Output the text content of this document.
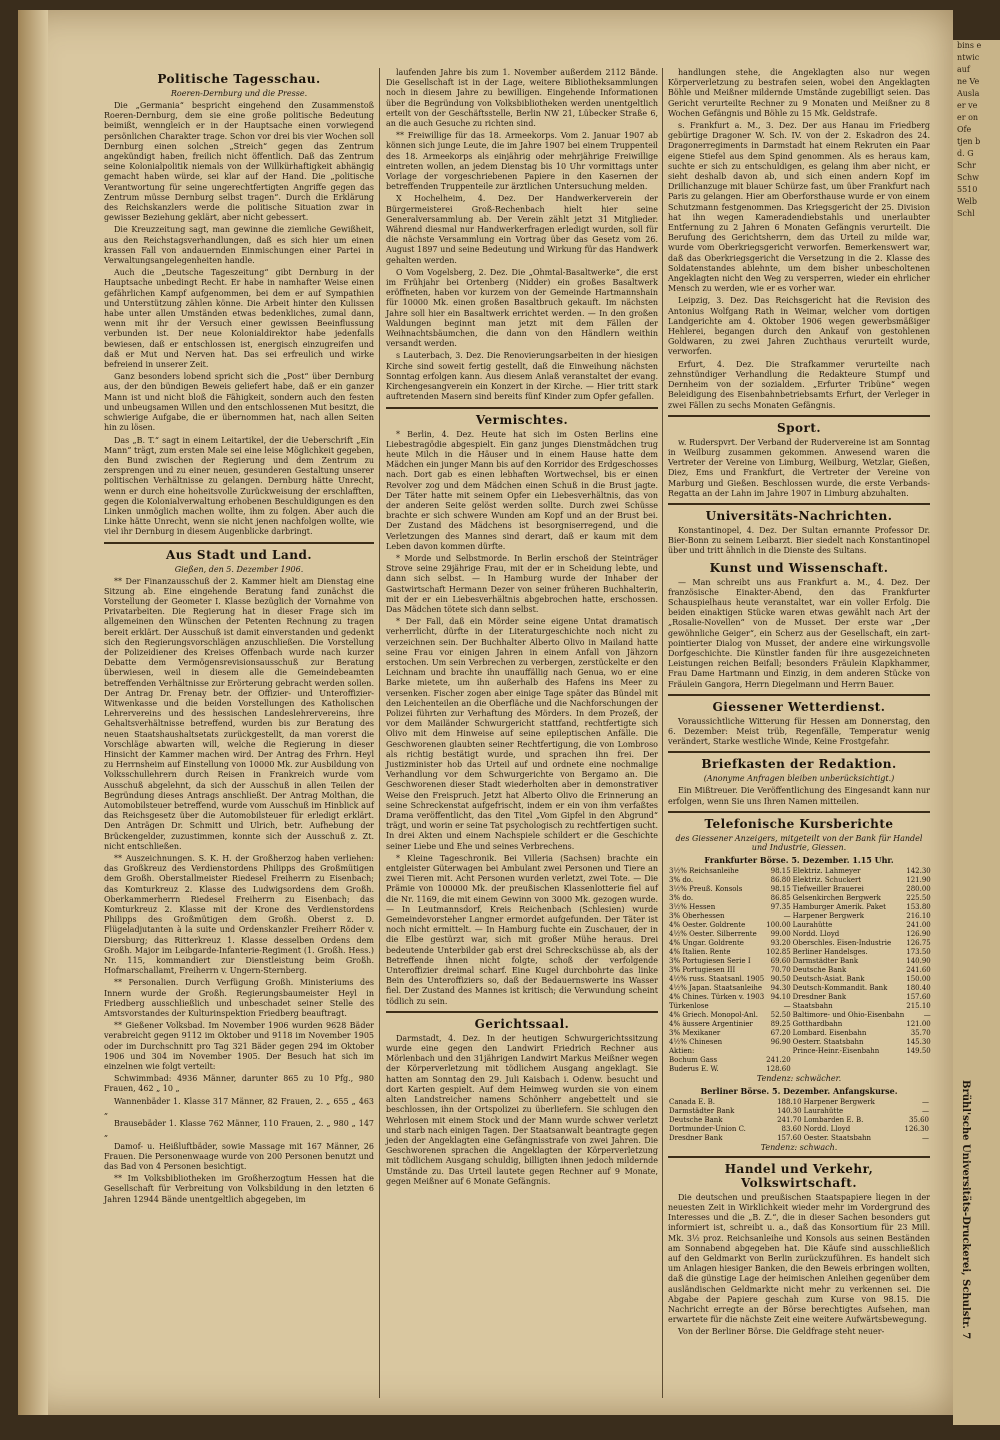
Politische Tagesschau.
Roeren-Dernburg und die Presse.

Die „Germania“ bespricht eingehend den Zusammenstoß Roeren-Dernburg, dem sie eine große politische Bedeutung beimißt, wenngleich er in der Hauptsache einen vorwiegend persönlichen Charakter trage. Schon vor drei bis vier Wochen soll Dernburg einen solchen „Streich“ gegen das Zentrum angekündigt haben, freilich nicht öffentlich. Daß das Zentrum seine Kolonialpolitik niemals von der Willkürhaftigkeit abhängig gemacht haben würde, sei klar auf der Hand. Die „politische Verantwortung für seine ungerechtfertigten Angriffe gegen das Zentrum müsse Dernburg selbst tragen“. Durch die Erklärung des Reichskanzlers werde die politische Situation zwar in gewisser Beziehung geklärt, aber nicht gebessert.

Die Kreuzzeitung sagt, man gewinne die ziemliche Gewißheit, aus den Reichstagsverhandlungen, daß es sich hier um einen krassen Fall von andauernden Einmischungen einer Partei in Verwaltungsangelegenheiten handle.

Auch die „Deutsche Tageszeitung“ gibt Dernburg in der Hauptsache unbedingt Recht. Er habe in namhafter Weise einen gefährlichen Kampf aufgenommen, bei dem er auf Sympathien und Unterstützung zählen könne. Die Arbeit hinter den Kulissen habe unter allen Umständen etwas bedenkliches, zumal dann, wenn mit ihr der Versuch einer gewissen Beeinflussung verbunden ist. Der neue Kolonialdirektor habe jedenfalls bewiesen, daß er entschlossen ist, energisch einzugreifen und daß er Mut und Nerven hat. Das sei erfreulich und wirke befreiend in unserer Zeit.

Ganz besonders lobend spricht sich die „Post“ über Dernburg aus, der den bündigen Beweis geliefert habe, daß er ein ganzer Mann ist und nicht bloß die Fähigkeit, sondern auch den festen und unbeugsamen Willen und den entschlossenen Mut besitzt, die schwierige Aufgabe, die er übernommen hat, nach allen Seiten hin zu lösen.

Das „B. T.“ sagt in einem Leitartikel, der die Ueberschrift „Ein Mann“ trägt, zum ersten Male sei eine leise Möglichkeit gegeben, den Bund zwischen der Regierung und dem Zentrum zu zersprengen und zu einer neuen, gesunderen Gestaltung unserer politischen Verhältnisse zu gelangen. Dernburg hätte Unrecht, wenn er durch eine hoheitsvolle Zurückweisung der erschlafften, gegen die Kolonialverwaltung erhobenen Beschuldigungen es den Linken unmöglich machen wollte, ihm zu folgen. Aber auch die Linke hätte Unrecht, wenn sie nicht jenen nachfolgen wollte, wie viel ihr Dernburg in diesem Augenblicke darbringt.

Aus Stadt und Land.
Gießen, den 5. Dezember 1906.

** Der Finanzausschuß der 2. Kammer hielt am Dienstag eine Sitzung ab. Eine eingehende Beratung fand zunächst die Vorstellung der Geometer I. Klasse bezüglich der Vornahme von Privatarbeiten. Die Regierung hat in dieser Frage sich im allgemeinen den Wünschen der Petenten Rechnung zu tragen bereit erklärt. Der Ausschuß ist damit einverstanden und gedenkt sich den Regierungsvorschlägen anzuschließen. Die Vorstellung der Polizeidiener des Kreises Offenbach wurde nach kurzer Debatte dem Vermögensrevisionsausschuß zur Beratung überwiesen, weil in diesem alle die Gemeindebeamten betreffenden Verhältnisse zur Erörterung gebracht werden sollen. Der Antrag Dr. Frenay betr. der Offizier- und Unteroffizier-Witwenkasse und die beiden Vorstellungen des Katholischen Lehrervereins und des hessischen Landeslehrervereins, ihre Gehaltsverhältnisse betreffend, wurden bis zur Beratung des neuen Staatshaushaltsetats zurückgestellt, da man vorerst die Vorschläge abwarten will, welche die Regierung in dieser Hinsicht der Kammer machen wird. Der Antrag des Frhrn. Heyl zu Herrnsheim auf Einstellung von 10000 Mk. zur Ausbildung von Volksschullehrern durch Reisen in Frankreich wurde vom Ausschuß abgelehnt, da sich der Ausschuß in allen Teilen der Begründung dieses Antrags anschließt. Der Antrag Molthan, die Automobilsteuer betreffend, wurde vom Ausschuß im Hinblick auf das Reichsgesetz über die Automobilsteuer für erledigt erklärt. Den Anträgen Dr. Schmitt und Ulrich, betr. Aufhebung der Brückengelder, zuzustimmen, konnte sich der Ausschuß z. Zt. nicht entschließen.

** Auszeichnungen. S. K. H. der Großherzog haben verliehen: das Großkreuz des Verdienstordens Philipps des Großmütigen dem Großh. Oberstallmeister Riedesel Freiherrn zu Eisenbach; das Komturkreuz 2. Klasse des Ludwigsordens dem Großh. Oberkammerherrn Riedesel Freiherrn zu Eisenbach; das Komturkreuz 2. Klasse mit der Krone des Verdienstordens Philipps des Großmütigen dem Großh. Oberst z. D. Flügeladjutanten à la suite und Ordenskanzler Freiherr Röder v. Diersburg; das Ritterkreuz 1. Klasse desselben Ordens dem Großh. Major im Leibgarde-Infanterie-Regiment (1. Großh. Hess.) Nr. 115, kommandiert zur Dienstleistung beim Großh. Hofmarschallamt, Freiherrn v. Ungern-Sternberg.

** Personalien. Durch Verfügung Großh. Ministeriums des Innern wurde der Großh. Regierungsbaumeister Heyl in Friedberg ausschließlich und unbeschadet seiner Stelle des Amtsvorstandes der Kulturinspektion Friedberg beauftragt.

** Gießener Volksbad. Im November 1906 wurden 9628 Bäder verabreicht gegen 9112 im Oktober und 9118 im November 1905 oder im Durchschnitt pro Tag 321 Bäder gegen 294 im Oktober 1906 und 304 im November 1905. Der Besuch hat sich im einzelnen wie folgt verteilt:

Schwimmbad: 4936 Männer, darunter 865 zu 10 Pfg., 980 Frauen, 462 „ 10 „

Wannenbäder 1. Klasse 317 Männer, 82 Frauen, 2. „ 655 „ 463 „

Brausebäder 1. Klasse 762 Männer, 110 Frauen, 2. „ 980 „ 147 „

Damof- u. Heißluftbäder, sowie Massage mit 167 Männer, 26 Frauen. Die Personenwaage wurde von 200 Personen benutzt und das Bad von 4 Personen besichtigt.

** Im Volksbibliotheken im Großherzogtum Hessen hat die Gesellschaft für Verbreitung von Volksbildung in den letzten 6 Jahren 12944 Bände unentgeltlich abgegeben, im

laufenden Jahre bis zum 1. November außerdem 2112 Bände. Die Gesellschaft ist in der Lage, weitere Bibliotheksammlungen noch in diesem Jahre zu bewilligen. Eingehende Informationen über die Begründung von Volksbibliotheken werden unentgeltlich erteilt von der Geschäftsstelle, Berlin NW 21, Lübecker Straße 6, an die auch Gesuche zu richten sind.

** Freiwillige für das 18. Armeekorps. Vom 2. Januar 1907 ab können sich junge Leute, die im Jahre 1907 bei einem Truppenteil des 18. Armeekorps als einjährig oder mehrjährige Freiwillige eintreten wollen, an jedem Dienstag bis 10 Uhr vormittags unter Vorlage der vorgeschriebenen Papiere in den Kasernen der betreffenden Truppenteile zur ärztlichen Untersuchung melden.

X Hochelheim, 4. Dez. Der Handwerkerverein der Bürgermeisterei Groß-Rechenbach hielt hier seine Generalversammlung ab. Der Verein zählt jetzt 31 Mitglieder. Während diesmal nur Handwerkerfragen erledigt wurden, soll für die nächste Versammlung ein Vortrag über das Gesetz vom 26. August 1897 und seine Bedeutung und Wirkung für das Handwerk gehalten werden.

O Vom Vogelsberg, 2. Dez. Die „Ohmtal-Basaltwerke“, die erst im Frühjahr bei Ortenberg (Nidder) ein großes Basaltwerk eröffneten, haben vor kurzem von der Gemeinde Hartmannshain für 10000 Mk. einen großen Basaltbruch gekauft. Im nächsten Jahre soll hier ein Basaltwerk errichtet werden. — In den großen Waldungen beginnt man jetzt mit dem Fällen der Weihnachtsbäumchen, die dann von den Händlern weithin versandt werden.

s Lauterbach, 3. Dez. Die Renovierungsarbeiten in der hiesigen Kirche sind soweit fertig gestellt, daß die Einweihung nächsten Sonntag erfolgen kann. Aus diesem Anlaß veranstaltet der evang. Kirchengesangverein ein Konzert in der Kirche. — Hier tritt stark auftretenden Masern sind bereits fünf Kinder zum Opfer gefallen.

Vermischtes.

* Berlin, 4. Dez. Heute hat sich im Osten Berlins eine Liebestragödie abgespielt. Ein ganz junges Dienstmädchen trug heute Milch in die Häuser und in einem Hause hatte dem Mädchen ein junger Mann bis auf den Korridor des Erdgeschosses nach. Dort gab es einen lebhaften Wortwechsel, bis er einen Revolver zog und dem Mädchen einen Schuß in die Brust jagte. Der Täter hatte mit seinem Opfer ein Liebesverhältnis, das von der anderen Seite gelöst werden sollte. Durch zwei Schüsse brachte er sich schwere Wunden am Kopf und an der Brust bei. Der Zustand des Mädchens ist besorgniserregend, und die Verletzungen des Mannes sind derart, daß er kaum mit dem Leben davon kommen dürfte.

* Morde und Selbstmorde. In Berlin erschoß der Steinträger Strove seine 29jährige Frau, mit der er in Scheidung lebte, und dann sich selbst. — In Hamburg wurde der Inhaber der Gastwirtschaft Hermann Dezer von seiner früheren Buchhalterin, mit der er ein Liebesverhältnis abgebrochen hatte, erschossen. Das Mädchen tötete sich dann selbst.

* Der Fall, daß ein Mörder seine eigene Untat dramatisch verherrlicht, dürfte in der Literaturgeschichte noch nicht zu verzeichnen sein. Der Buchhalter Alberto Olivo in Mailand hatte seine Frau vor einigen Jahren in einem Anfall von Jähzorn erstochen. Um sein Verbrechen zu verbergen, zerstückelte er den Leichnam und brachte ihn unauffällig nach Genua, wo er eine Barke mietete, um ihn außerhalb des Hafens ins Meer zu versenken. Fischer zogen aber einige Tage später das Bündel mit den Leichenteilen an die Oberfläche und die Nachforschungen der Polizei führten zur Verhaftung des Mörders. In dem Prozeß, der vor dem Mailänder Schwurgericht stattfand, rechtfertigte sich Olivo mit dem Hinweise auf seine epileptischen Anfälle. Die Geschworenen glaubten seiner Rechtfertigung, die von Lombroso als richtig bestätigt wurde, und sprachen ihn frei. Der Justizminister hob das Urteil auf und ordnete eine nochmalige Verhandlung vor dem Schwurgerichte von Bergamo an. Die Geschworenen dieser Stadt wiederholten aber in demonstrativer Weise den Freispruch. Jetzt hat Alberto Olivo die Erinnerung an seine Schreckenstat aufgefrischt, indem er ein von ihm verfaßtes Drama veröffentlicht, das den Titel „Vom Gipfel in den Abgrund“ trägt, und worin er seine Tat psychologisch zu rechtfertigen sucht. In drei Akten und einem Nachspiele schildert er die Geschichte seiner Liebe und Ehe und seines Verbrechens.

* Kleine Tageschronik. Bei Villeria (Sachsen) brachte ein entgleister Güterwagen bei Ambulant zwei Personen und Tiere an zwei Tieren mit. Acht Personen wurden verletzt, zwei Tote. — Die Prämie von 100000 Mk. der preußischen Klassenlotterie fiel auf die Nr. 1169, die mit einem Gewinn von 3000 Mk. gezogen wurde. — In Leutmannsdorf, Kreis Reichenbach (Schlesien) wurde Gemeindevorsteher Langner ermordet aufgefunden. Der Täter ist noch nicht ermittelt. — In Hamburg fuchte ein Zuschauer, der in die Elbe gestürzt war, sich mit großer Mühe heraus. Drei bedeutende Unterbilder gab erst drei Schreckschüsse ab, als der Betreffende ihnen nicht folgte, schoß der verfolgende Unteroffizier dreimal scharf. Eine Kugel durchbohrte das linke Bein des Unteroffiziers so, daß der Bedauernswerte ins Wasser fiel. Der Zustand des Mannes ist kritisch; die Verwundung scheint tödlich zu sein.

Gerichtssaal.

Darmstadt, 4. Dez. In der heutigen Schwurgerichtssitzung wurde eine gegen den Landwirt Friedrich Rechner aus Mörlenbach und den 31jährigen Landwirt Markus Meißner wegen der Körperverletzung mit tödlichem Ausgang angeklagt. Sie hatten am Sonntag den 29. Juli Kaisbach i. Odenw. besucht und dort Karten gespielt. Auf dem Heimweg wurden sie von einem alten Landstreicher namens Schönherr angebettelt und sie beschlossen, ihn der Ortspolizei zu überliefern. Sie schlugen den Wehrlosen mit einem Stock und der Mann wurde schwer verletzt und starb nach einigen Tagen. Der Staatsanwalt beantragte gegen jeden der Angeklagten eine Gefängnisstrafe von zwei Jahren. Die Geschworenen sprachen die Angeklagten der Körperverletzung mit tödlichem Ausgang schuldig, billigten ihnen jedoch mildernde Umstände zu. Das Urteil lautete gegen Rechner auf 9 Monate, gegen Meißner auf 6 Monate Gefängnis.

handlungen stehe, die Angeklagten also nur wegen Körperverletzung zu bestrafen seien, wobei den Angeklagten Böhle und Meißner mildernde Umstände zugebilligt seien. Das Gericht verurteilte Rechner zu 9 Monaten und Meißner zu 8 Wochen Gefängnis und Böhle zu 15 Mk. Geldstrafe.

s. Frankfurt a. M., 3. Dez. Der aus Hanau im Friedberg gebürtige Dragoner W. Sch. IV. von der 2. Eskadron des 24. Dragonerregiments in Darmstadt hat einem Rekruten ein Paar eigene Stiefel aus dem Spind genommen. Als es heraus kam, suchte er sich zu entschuldigen, es gelang ihm aber nicht, er sieht deshalb davon ab, und sich einen andern Kopf im Drillichanzuge mit blauer Schürze fast, um über Frankfurt nach Paris zu gelangen. Hier am Oberforsthause wurde er von einem Schutzmann festgenommen. Das Kriegsgericht der 25. Division hat ihn wegen Kameradendiebstahls und unerlaubter Entfernung zu 2 Jahren 6 Monaten Gefängnis verurteilt. Die Berufung des Gerichtsherrn, dem das Urteil zu milde war, wurde vom Oberkriegsgericht verworfen. Bemerkenswert war, daß das Oberkriegsgericht die Versetzung in die 2. Klasse des Soldatenstandes ablehnte, um dem bisher unbescholtenen Angeklagten nicht den Weg zu versperren, wieder ein ehrlicher Mensch zu werden, wie er es vorher war.

Leipzig, 3. Dez. Das Reichsgericht hat die Revision des Antonius Wolfgang Rath in Weimar, welcher vom dortigen Landgerichte am 4. Oktober 1906 wegen gewerbsmäßiger Hehlerei, begangen durch den Ankauf von gestohlenen Goldwaren, zu zwei Jahren Zuchthaus verurteilt wurde, verworfen.

Erfurt, 4. Dez. Die Strafkammer verurteilte nach zehnstündiger Verhandlung die Redakteure Stumpf und Dernheim von der sozialdem. „Erfurter Tribüne“ wegen Beleidigung des Eisenbahnbetriebsamts Erfurt, der Verleger in zwei Fällen zu sechs Monaten Gefängnis.

Sport.

w. Ruderspvrt. Der Verband der Rudervereine ist am Sonntag in Weilburg zusammen gekommen. Anwesend waren die Vertreter der Vereine von Limburg, Weilburg, Wetzlar, Gießen, Diez, Ems und Frankfurt, die Vertreter der Vereine von Marburg und Gießen. Beschlossen wurde, die erste Verbands-Regatta an der Lahn im Jahre 1907 in Limburg abzuhalten.

Universitäts-Nachrichten.

Konstantinopel, 4. Dez. Der Sultan ernannte Professor Dr. Bier-Bonn zu seinem Leibarzt. Bier siedelt nach Konstantinopel über und tritt ähnlich in die Dienste des Sultans.

Kunst und Wissenschaft.

— Man schreibt uns aus Frankfurt a. M., 4. Dez. Der französische Einakter-Abend, den das Frankfurter Schauspielhaus heute veranstaltet, war ein voller Erfolg. Die beiden einaktigen Stücke waren etwas gewählt nach Art der „Rosalie-Novellen“ von de Musset. Der erste war „Der gewöhnliche Geiger“, ein Scherz aus der Gesellschaft, ein zart-pointierter Dialog von Musset, der andere eine wirkungsvolle Dorfgeschichte. Die Künstler fanden für ihre ausgezeichneten Leistungen reichen Beifall; besonders Fräulein Klapkhammer, Frau Dame Hartmann und Einzig, in dem anderen Stücke von Fräulein Gangora, Herrn Diegelmann und Herrn Bauer.

Giessener Wetterdienst.

Voraussichtliche Witterung für Hessen am Donnerstag, den 6. Dezember: Meist trüb, Regenfälle, Temperatur wenig verändert, Starke westliche Winde, Keine Frostgefahr.

Briefkasten der Redaktion.
(Anonyme Anfragen bleiben unberücksichtigt.)

Ein Mißtreuer. Die Veröffentlichung des Eingesandt kann nur erfolgen, wenn Sie uns Ihren Namen mitteilen.

Telefonische Kursberichte
des Giessener Anzeigers, mitgeteilt von der Bank für Handel und Industrie, Giessen.
Frankfurter Börse. 5. Dezember. 1.15 Uhr.
3½% Reichsanleihe	98.15	Elektriz. Lahmeyer	142.30
3% do.	86.80	Elektriz. Schuckert	121.90
3½% Preuß. Konsols	98.15	Tiefweiller Brauerei	280.00
3% do.	86.85	Gelsenkirchen Bergwerk	225.50
3½% Hessen	97.35	Hamburger Amerik. Paket	153.80
3% Oberhessen	—	Harpener Bergwerk	216.10
4% Oester. Goldrente	100.00	Laurahütte	241.00
4½% Oester. Silberrente	99.00	Nordd. Lloyd	126.90
4% Ungar. Goldrente	93.20	Oberschles. Eisen-Industrie	126.75
4% Italien. Rente	102.85	Berliner Handelsges.	173.50
3% Portugiesen Serie I	69.60	Darmstädter Bank	140.90
3% Portugiesen III	70.70	Deutsche Bank	241.60
4½% russ. Staatsanl. 1905	90.50	Deutsch-Asiat. Bank	150.00
4½% Japan. Staatsanleihe	94.30	Deutsch-Kommandit. Bank	180.40
4% Chines. Türken v. 1903	94.10	Dresdner Bank	157.60
Türkenlose	—	Staatsbahn	215.10
4% Griech. Monopol-Anl.	52.50	Baltimore- und Ohio-Eisenbahn	—
4% äussere Argentinier	89.25	Gotthardbahn	121.00
3% Mexikaner	67.20	Lombard. Eisenbahn	35.70
4½% Chinesen	96.90	Oesterr. Staatsbahn	145.30
Aktien:		Prince-Heinr.-Eisenbahn	149.50
Bochum Gass	241.20		
Buderus E. W.	128.60		
Tendenz: schwächer.
Berliner Börse. 5. Dezember. Anfangskurse.
Canada E. B.	188.10	Harpener Bergwerk	—
Darmstädter Bank	140.30	Laurahütte	—
Deutsche Bank	241.70	Lombarden E. B.	35.60
Dortmunder-Union C.	83.60	Nordd. Lloyd	126.30
Dresdner Bank	157.60	Oester. Staatsbahn	—
Tendenz: schwach.
Handel und Verkehr, Volkswirtschaft.

Die deutschen und preußischen Staatspapiere liegen in der neuesten Zeit in Wirklichkeit wieder mehr im Vordergrund des Interesses und die „B. Z.“, die in dieser Sachen besonders gut informiert ist, schreibt u. a., daß das Konsortium für 23 Mill. Mk. 3½ proz. Reichsanleihe und Konsols aus seinen Beständen am Sonnabend abgegeben hat. Die Käufe sind ausschließlich auf den Geldmarkt von Berlin zurückzuführen. Es handelt sich um Anlagen hiesiger Banken, die den Beweis erbringen wollten, daß die günstige Lage der heimischen Anleihen gegenüber dem ausländischen Geldmarkte nicht mehr zu verkennen sei. Die Abgabe der Papiere geschah zum Kurse von 98.15. Die Nachricht erregte an der Börse berechtigtes Aufsehen, man erwartete für die nächste Zeit eine weitere Aufwärtsbewegung.

Von der Berliner Börse. Die Geldfrage steht neuer-

bins e
ntwic
auf
ne Ve
Ausla
er ve
er on
Ofe
tjen b
d. G
Schr
Schw
5510
Welb
Schl
Brühl'sche Universitäts-Druckerei, Schulstr. 7
